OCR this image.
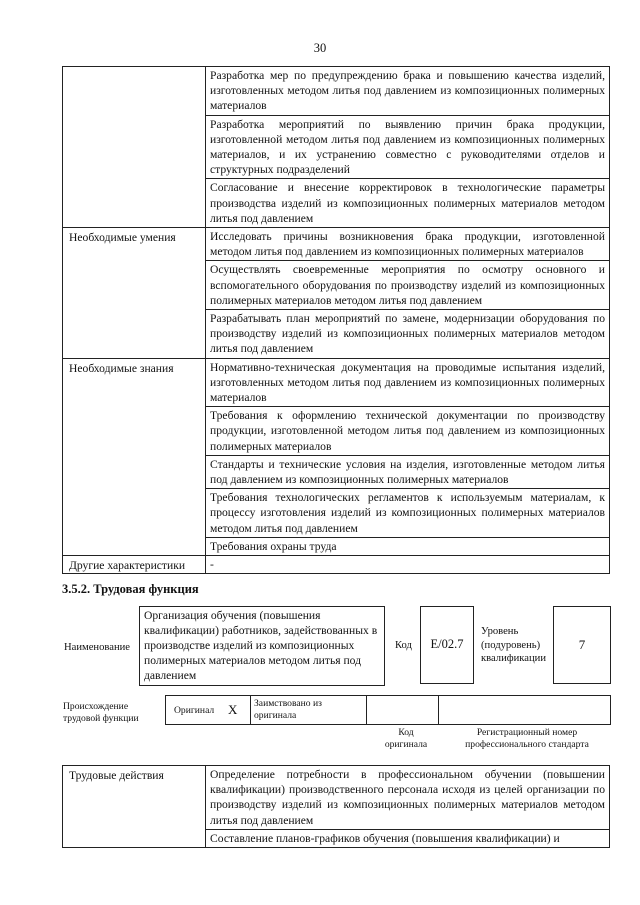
30
	Разработка мер по предупреждению брака и повышению качества изделий, изготовленных методом литья под давлением из композиционных полимерных материалов
	Разработка мероприятий по выявлению причин брака продукции, изготовленной методом литья под давлением из композиционных полимерных материалов, и их устранению совместно с руководителями отделов и структурных подразделений
	Согласование и внесение корректировок в технологические параметры производства изделий из композиционных полимерных материалов методом литья под давлением
Необходимые умения	Исследовать причины возникновения брака продукции, изготовленной методом литья под давлением из композиционных полимерных материалов
	Осуществлять своевременные мероприятия по осмотру основного и вспомогательного оборудования по производству изделий из композиционных полимерных материалов методом литья под давлением
	Разрабатывать план мероприятий по замене, модернизации оборудования по производству изделий из композиционных полимерных материалов методом литья под давлением
Необходимые знания	Нормативно-техническая документация на проводимые испытания изделий, изготовленных методом литья под давлением из композиционных полимерных материалов
	Требования к оформлению технической документации по производству продукции, изготовленной методом литья под давлением из композиционных полимерных материалов
	Стандарты и технические условия на изделия, изготовленные методом литья под давлением из композиционных полимерных материалов
	Требования технологических регламентов к используемым материалам, к процессу изготовления изделий из композиционных полимерных материалов методом литья под давлением
	Требования охраны труда
Другие характеристики	-
3.5.2. Трудовая функция
Наименование
Организация обучения (повышения квалификации) работников, задействованных в производстве изделий из композиционных полимерных материалов методом литья под давлением
Код	E/02.7
Уровень (подуровень) квалификации
7
Происхождение трудовой функции
Оригинал X Заимствовано из оригинала
Код оригинала
Регистрационный номер профессионального стандарта
Трудовые действия	Определение потребности в профессиональном обучении (повышении квалификации) производственного персонала исходя из целей организации по производству изделий из композиционных полимерных материалов методом литья под давлением
Составление планов-графиков обучения (повышения квалификации) и
